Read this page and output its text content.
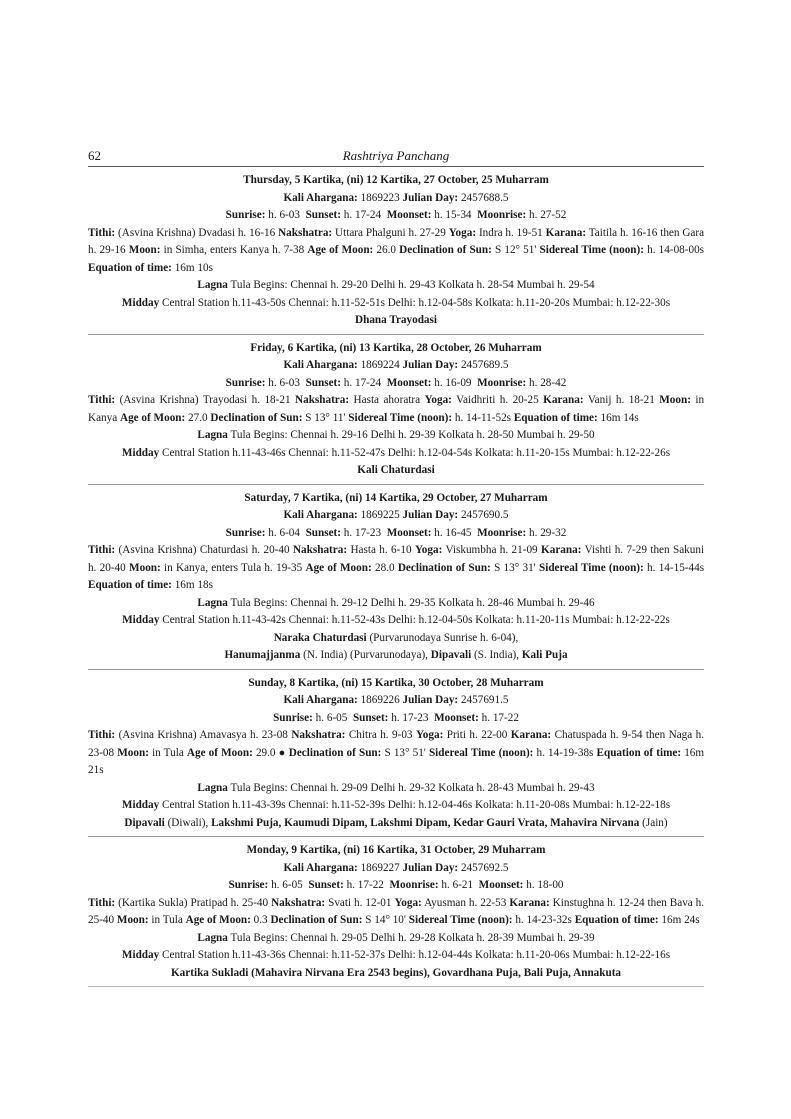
62	Rashtriya Panchang
Thursday, 5 Kartika, (ni) 12 Kartika, 27 October, 25 Muharram
Kali Ahargana: 1869223 Julian Day: 2457688.5
Sunrise: h. 6-03 Sunset: h. 17-24 Moonset: h. 15-34 Moonrise: h. 27-52
Tithi: (Asvina Krishna) Dvadasi h. 16-16 Nakshatra: Uttara Phalguni h. 27-29 Yoga: Indra h. 19-51 Karana: Taitila h. 16-16 then Gara h. 29-16 Moon: in Simha, enters Kanya h. 7-38 Age of Moon: 26.0 Declination of Sun: S 12° 51' Sidereal Time (noon): h. 14-08-00s Equation of time: 16m 10s
Lagna Tula Begins: Chennai h. 29-20 Delhi h. 29-43 Kolkata h. 28-54 Mumbai h. 29-54
Midday Central Station h.11-43-50s Chennai: h.11-52-51s Delhi: h.12-04-58s Kolkata: h.11-20-20s Mumbai: h.12-22-30s
Dhana Trayodasi
Friday, 6 Kartika, (ni) 13 Kartika, 28 October, 26 Muharram
Kali Ahargana: 1869224 Julian Day: 2457689.5
Sunrise: h. 6-03 Sunset: h. 17-24 Moonset: h. 16-09 Moonrise: h. 28-42
Tithi: (Asvina Krishna) Trayodasi h. 18-21 Nakshatra: Hasta ahoratra Yoga: Vaidhriti h. 20-25 Karana: Vanij h. 18-21 Moon: in Kanya Age of Moon: 27.0 Declination of Sun: S 13° 11' Sidereal Time (noon): h. 14-11-52s Equation of time: 16m 14s
Lagna Tula Begins: Chennai h. 29-16 Delhi h. 29-39 Kolkata h. 28-50 Mumbai h. 29-50
Midday Central Station h.11-43-46s Chennai: h.11-52-47s Delhi: h.12-04-54s Kolkata: h.11-20-15s Mumbai: h.12-22-26s
Kali Chaturdasi
Saturday, 7 Kartika, (ni) 14 Kartika, 29 October, 27 Muharram
Kali Ahargana: 1869225 Julian Day: 2457690.5
Sunrise: h. 6-04 Sunset: h. 17-23 Moonset: h. 16-45 Moonrise: h. 29-32
Tithi: (Asvina Krishna) Chaturdasi h. 20-40 Nakshatra: Hasta h. 6-10 Yoga: Viskumbha h. 21-09 Karana: Vishti h. 7-29 then Sakuni h. 20-40 Moon: in Kanya, enters Tula h. 19-35 Age of Moon: 28.0 Declination of Sun: S 13° 31' Sidereal Time (noon): h. 14-15-44s Equation of time: 16m 18s
Lagna Tula Begins: Chennai h. 29-12 Delhi h. 29-35 Kolkata h. 28-46 Mumbai h. 29-46
Midday Central Station h.11-43-42s Chennai: h.11-52-43s Delhi: h.12-04-50s Kolkata: h.11-20-11s Mumbai: h.12-22-22s
Naraka Chaturdasi (Purvarunodaya Sunrise h. 6-04),
Hanumajjanma (N. India) (Purvarunodaya), Dipavali (S. India), Kali Puja
Sunday, 8 Kartika, (ni) 15 Kartika, 30 October, 28 Muharram
Kali Ahargana: 1869226 Julian Day: 2457691.5
Sunrise: h. 6-05 Sunset: h. 17-23 Moonset: h. 17-22
Tithi: (Asvina Krishna) Amavasya h. 23-08 Nakshatra: Chitra h. 9-03 Yoga: Priti h. 22-00 Karana: Chatuspada h. 9-54 then Naga h. 23-08 Moon: in Tula Age of Moon: 29.0 ● Declination of Sun: S 13° 51' Sidereal Time (noon): h. 14-19-38s Equation of time: 16m 21s
Lagna Tula Begins: Chennai h. 29-09 Delhi h. 29-32 Kolkata h. 28-43 Mumbai h. 29-43
Midday Central Station h.11-43-39s Chennai: h.11-52-39s Delhi: h.12-04-46s Kolkata: h.11-20-08s Mumbai: h.12-22-18s
Dipavali (Diwali), Lakshmi Puja, Kaumudi Dipam, Lakshmi Dipam, Kedar Gauri Vrata, Mahavira Nirvana (Jain)
Monday, 9 Kartika, (ni) 16 Kartika, 31 October, 29 Muharram
Kali Ahargana: 1869227 Julian Day: 2457692.5
Sunrise: h. 6-05 Sunset: h. 17-22 Moonrise: h. 6-21 Moonset: h. 18-00
Tithi: (Kartika Sukla) Pratipad h. 25-40 Nakshatra: Svati h. 12-01 Yoga: Ayusman h. 22-53 Karana: Kinstughna h. 12-24 then Bava h. 25-40 Moon: in Tula Age of Moon: 0.3 Declination of Sun: S 14° 10' Sidereal Time (noon): h. 14-23-32s Equation of time: 16m 24s
Lagna Tula Begins: Chennai h. 29-05 Delhi h. 29-28 Kolkata h. 28-39 Mumbai h. 29-39
Midday Central Station h.11-43-36s Chennai: h.11-52-37s Delhi: h.12-04-44s Kolkata: h.11-20-06s Mumbai: h.12-22-16s
Kartika Sukladi (Mahavira Nirvana Era 2543 begins), Govardhana Puja, Bali Puja, Annakuta
